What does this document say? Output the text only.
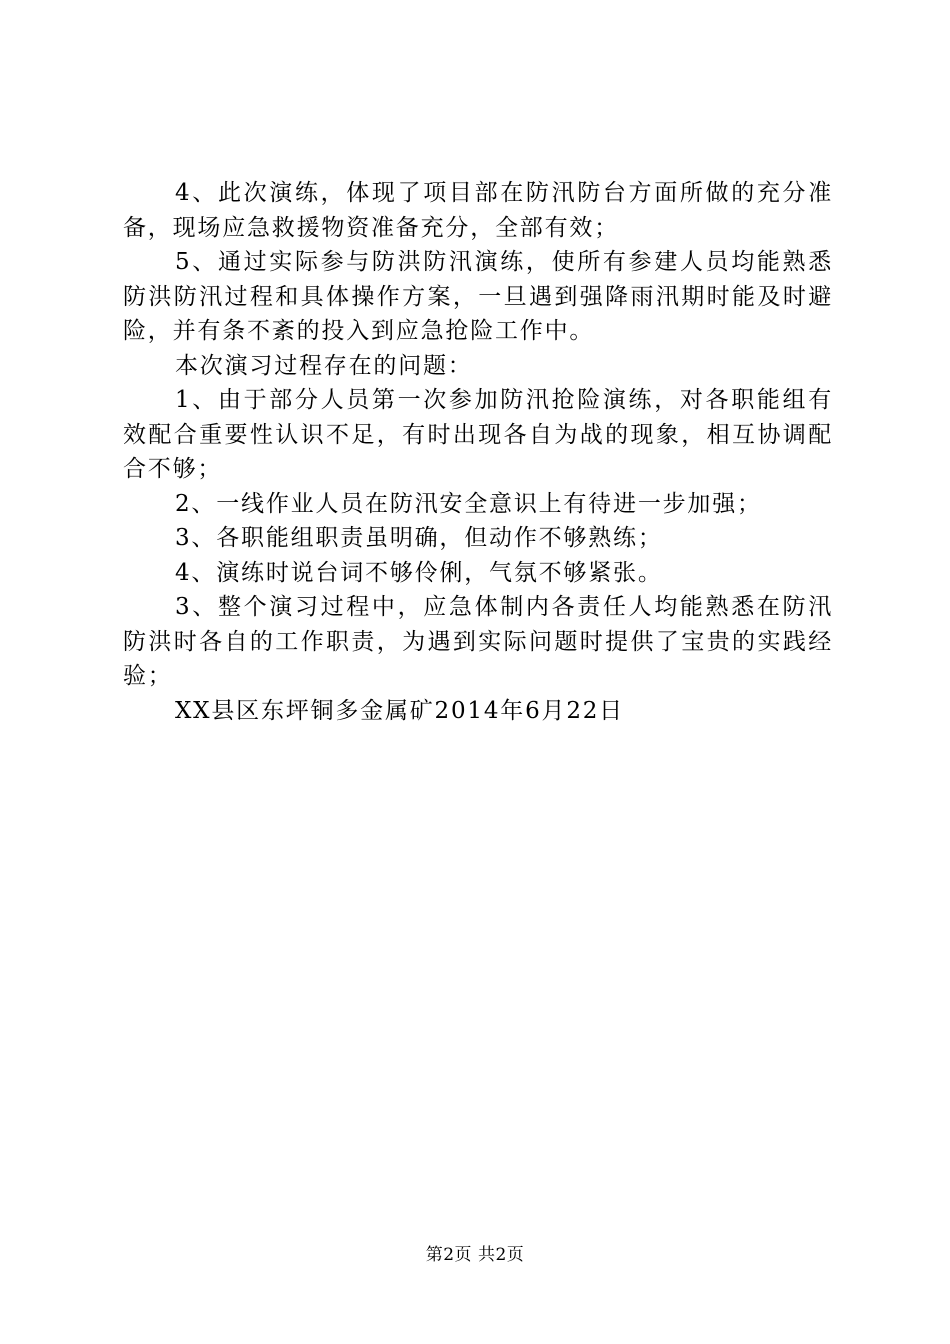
4、此次演练，体现了项目部在防汛防台方面所做的充分准备，现场应急救援物资准备充分，全部有效；

5、通过实际参与防洪防汛演练，使所有参建人员均能熟悉防洪防汛过程和具体操作方案，一旦遇到强降雨汛期时能及时避险，并有条不紊的投入到应急抢险工作中。

本次演习过程存在的问题：

1、由于部分人员第一次参加防汛抢险演练，对各职能组有效配合重要性认识不足，有时出现各自为战的现象，相互协调配合不够；

2、一线作业人员在防汛安全意识上有待进一步加强；

3、各职能组职责虽明确，但动作不够熟练；

4、演练时说台词不够伶俐，气氛不够紧张。

3、整个演习过程中，应急体制内各责任人均能熟悉在防汛防洪时各自的工作职责，为遇到实际问题时提供了宝贵的实践经验；

XX县区东坪铜多金属矿2014年6月22日

第2页 共2页
